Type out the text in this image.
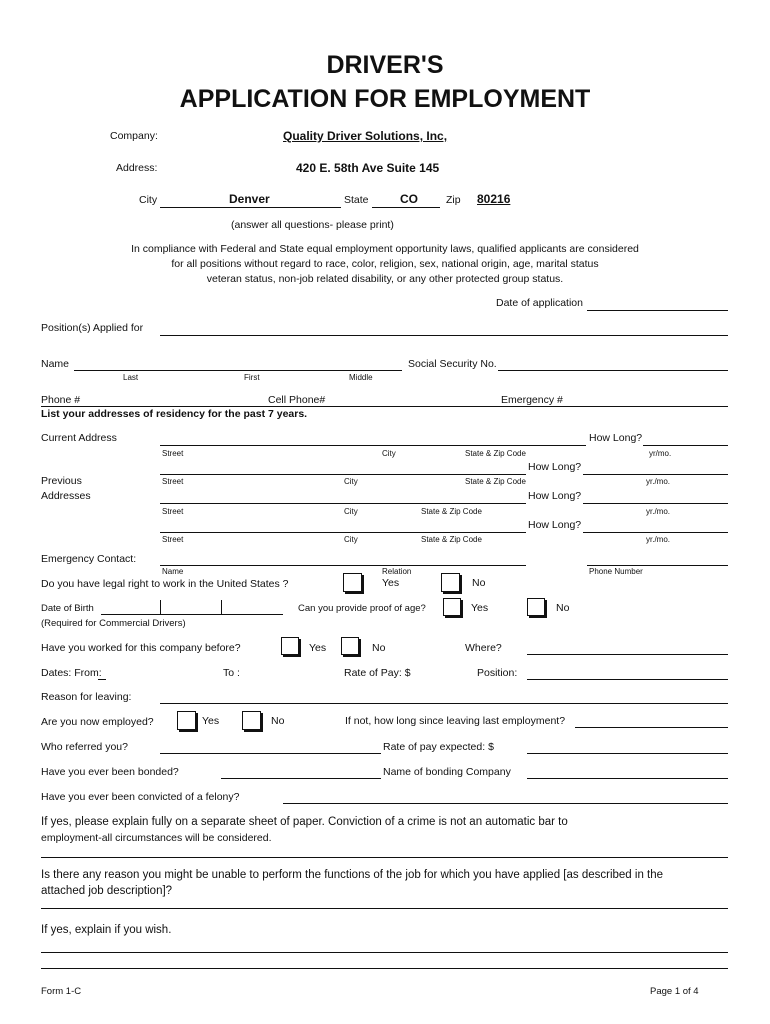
DRIVER'S
APPLICATION FOR EMPLOYMENT
Company:	Quality Driver Solutions, Inc,
Address:	420 E. 58th Ave Suite 145
City	Denver	State	CO	Zip 80216
(answer all questions- please print)
In compliance with Federal and State equal employment opportunity laws, qualified applicants are considered
for all positions without regard to race, color, religion, sex, national origin, age, marital status
veteran status, non-job related disability, or any other protected group status.
Date of application
Position(s) Applied for
Name	Social Security No.
Last	First	Middle
Phone #	Cell Phone#	Emergency #
List your addresses of residency for the past 7 years.
Current Address	How Long?
Street	City	State & Zip Code	yr/mo.
How Long?
Previous
Addresses
Street	City	State & Zip Code	yr./mo.
How Long?
Street	City	State & Zip Code	yr./mo.
How Long?
Street	City	State & Zip Code	yr./mo.
Emergency Contact:
Name	Relation	Phone Number
Do you have legal right to work in the United States ?	Yes	No
Date of Birth	Can you provide proof of age?	Yes	No
(Required for Commercial Drivers)
Have you worked for this company before?	Yes	No	Where?
Dates: From:	To :	Rate of Pay: $	Position:
Reason for leaving:
Are you now employed?	Yes	No	If not, how long since leaving last employment?
Who referred you?	Rate of pay expected: $
Have you ever been bonded?	Name of bonding Company
Have you ever been convicted of a felony?
If yes, please explain fully on a separate sheet of paper. Conviction of a crime is not an automatic bar to
employment-all circumstances will be considered.
Is there any reason you might be unable to perform the functions of the job for which you have applied [as described in the
attached job description]?
If yes, explain if you wish.
Form 1-C	Page 1 of 4
